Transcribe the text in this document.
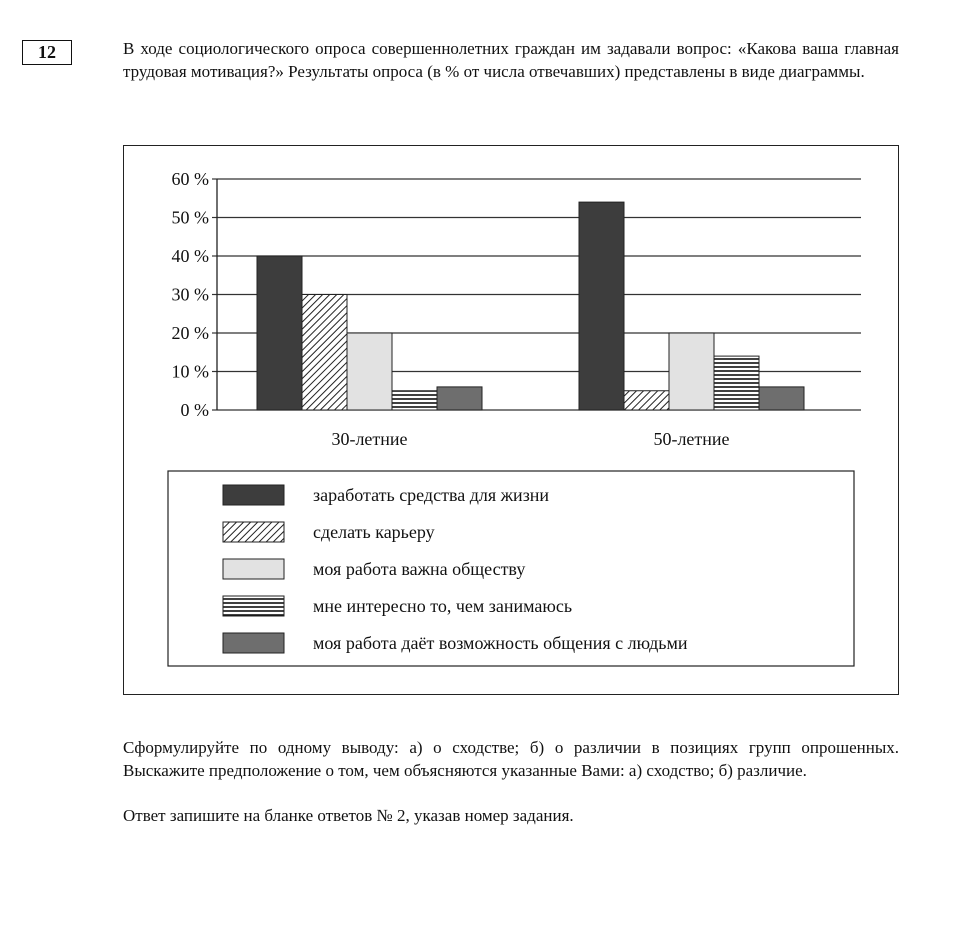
12	В ходе социологического опроса совершеннолетних граждан им задавали вопрос: «Какова ваша главная трудовая мотивация?» Результаты опроса (в % от числа отвечавших) представлены в виде диаграммы.

0 %
10 %
20 %
30 %
40 %
50 %
60 %
30-летние	50-летние
заработать средства для жизни
сделать карьеру
моя работа важна обществу
мне интересно то, чем занимаюсь
моя работа даёт возможность общения с людьми

Сформулируйте по одному выводу: а) о сходстве; б) о различии в позициях групп опрошенных. Выскажите предположение о том, чем объясняются указанные Вами: а) сходство; б) различие.

Ответ запишите на бланке ответов № 2, указав номер задания.
